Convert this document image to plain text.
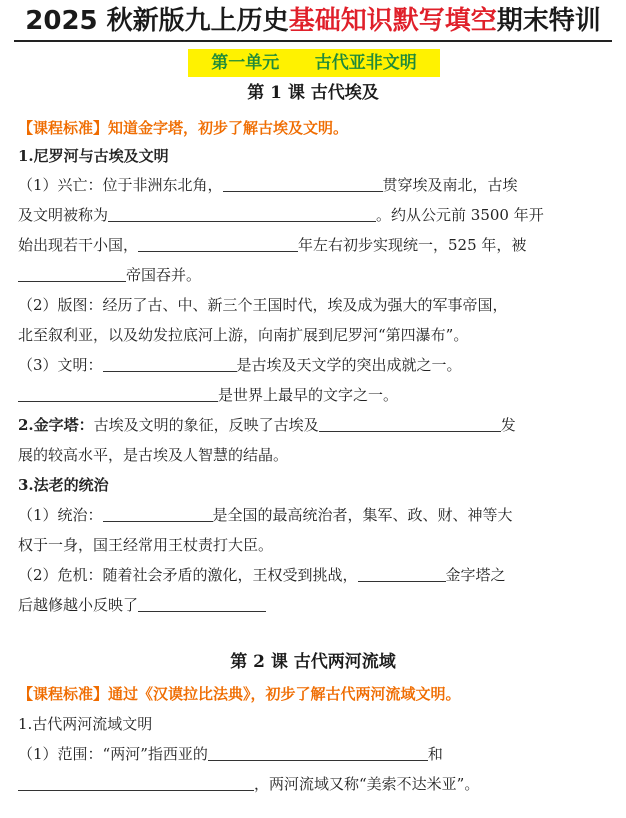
2025 秋新版九上历史基础知识默写填空期末特训
第一单元      古代亚非文明
第 1 课 古代埃及
【课程标准】知道金字塔，初步了解古埃及文明。
1.尼罗河与古埃及文明
（1）兴亡：位于非洲东北角，	贯穿埃及南北，古埃
及文明被称为	。约从公元前 3500 年开
始出现若干小国，	年左右初步实现统一，525 年，被
帝国吞并。
（2）版图：经历了古、中、新三个王国时代，埃及成为强大的军事帝国，
北至叙利亚，以及幼发拉底河上游，向南扩展到尼罗河“第四瀑布”。
（3）文明：	是古埃及天文学的突出成就之一。
是世界上最早的文字之一。
2.金字塔：古埃及文明的象征，反映了古埃及	发
展的较高水平，是古埃及人智慧的结晶。
3.法老的统治
（1）统治：	是全国的最高统治者，集军、政、财、神等大
权于一身，国王经常用王杖责打大臣。
（2）危机：随着社会矛盾的激化，王权受到挑战，	金字塔之
后越修越小反映了
第 2 课 古代两河流域
【课程标准】通过《汉谟拉比法典》，初步了解古代两河流域文明。
1.古代两河流域文明
（1）范围：“两河”指西亚的	和
，两河流域又称“美索不达米亚”。
